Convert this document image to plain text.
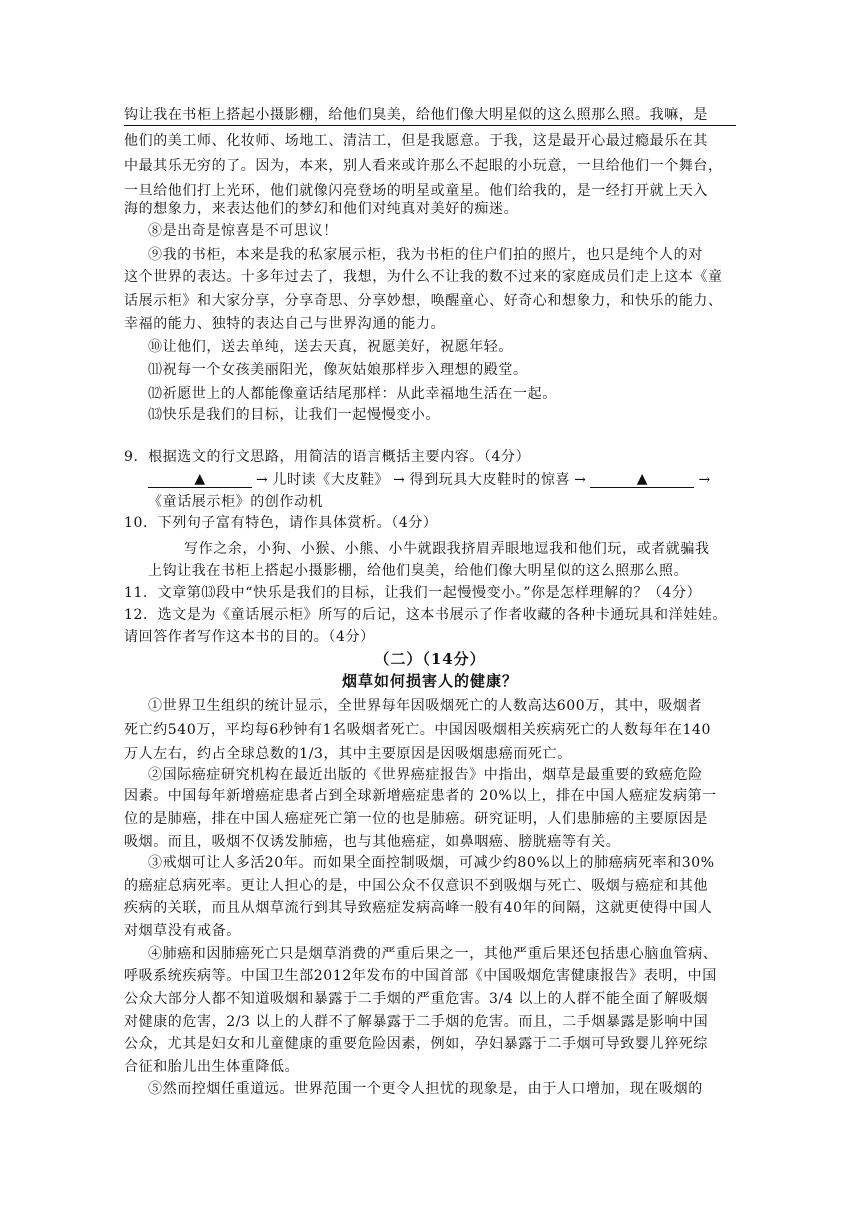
钩让我在书柜上搭起小摄影棚，给他们臭美，给他们像大明星似的这么照那么照。我嘛，是
他们的美工师、化妆师、场地工、清洁工，但是我愿意。于我，这是最开心最过瘾最乐在其
中最其乐无穷的了。因为，本来，别人看来或许那么不起眼的小玩意，一旦给他们一个舞台，
一旦给他们打上光环，他们就像闪亮登场的明星或童星。他们给我的，是一经打开就上天入
海的想象力，来表达他们的梦幻和他们对纯真对美好的痴迷。
⑧是出奇是惊喜是不可思议！
⑨我的书柜，本来是我的私家展示柜，我为书柜的住户们拍的照片，也只是纯个人的对
这个世界的表达。十多年过去了，我想，为什么不让我的数不过来的家庭成员们走上这本《童
话展示柜》和大家分享，分享奇思、分享妙想，唤醒童心、好奇心和想象力，和快乐的能力、
幸福的能力、独特的表达自己与世界沟通的能力。
⑩让他们，送去单纯，送去天真，祝愿美好，祝愿年轻。
⑾祝每一个女孩美丽阳光，像灰姑娘那样步入理想的殿堂。
⑿祈愿世上的人都能像童话结尾那样：从此幸福地生活在一起。
⒀快乐是我们的目标，让我们一起慢慢变小。
9．根据选文的行文思路，用简洁的语言概括主要内容。（4分）
▲	→ 儿时读《大皮鞋》 → 得到玩具大皮鞋时的惊喜 →	▲	→
《童话展示柜》的创作动机
10．下列句子富有特色，请作具体赏析。（4分）
写作之余，小狗、小猴、小熊、小牛就跟我挤眉弄眼地逗我和他们玩，或者就骗我
上钩让我在书柜上搭起小摄影棚，给他们臭美，给他们像大明星似的这么照那么照。
11．文章第⒀段中“快乐是我们的目标，让我们一起慢慢变小。”你是怎样理解的？（4分）
12．选文是为《童话展示柜》所写的后记，这本书展示了作者收藏的各种卡通玩具和洋娃娃。
请回答作者写作这本书的目的。（4分）
（二）（14分）
烟草如何损害人的健康？
①世界卫生组织的统计显示，全世界每年因吸烟死亡的人数高达600万，其中，吸烟者
死亡约540万，平均每6秒钟有1名吸烟者死亡。中国因吸烟相关疾病死亡的人数每年在140
万人左右，约占全球总数的1/3，其中主要原因是因吸烟患癌而死亡。
②国际癌症研究机构在最近出版的《世界癌症报告》中指出，烟草是最重要的致癌危险
因素。中国每年新增癌症患者占到全球新增癌症患者的 20%以上，排在中国人癌症发病第一
位的是肺癌，排在中国人癌症死亡第一位的也是肺癌。研究证明，人们患肺癌的主要原因是
吸烟。而且，吸烟不仅诱发肺癌，也与其他癌症，如鼻咽癌、膀胱癌等有关。
③戒烟可让人多活20年。而如果全面控制吸烟，可减少约80%以上的肺癌病死率和30%
的癌症总病死率。更让人担心的是，中国公众不仅意识不到吸烟与死亡、吸烟与癌症和其他
疾病的关联，而且从烟草流行到其导致癌症发病高峰一般有40年的间隔，这就更使得中国人
对烟草没有戒备。
④肺癌和因肺癌死亡只是烟草消费的严重后果之一，其他严重后果还包括患心脑血管病、
呼吸系统疾病等。中国卫生部2012年发布的中国首部《中国吸烟危害健康报告》表明，中国
公众大部分人都不知道吸烟和暴露于二手烟的严重危害。3/4 以上的人群不能全面了解吸烟
对健康的危害，2/3 以上的人群不了解暴露于二手烟的危害。而且，二手烟暴露是影响中国
公众，尤其是妇女和儿童健康的重要危险因素，例如，孕妇暴露于二手烟可导致婴儿猝死综
合征和胎儿出生体重降低。
⑤然而控烟任重道远。世界范围一个更令人担忧的现象是，由于人口增加，现在吸烟的
